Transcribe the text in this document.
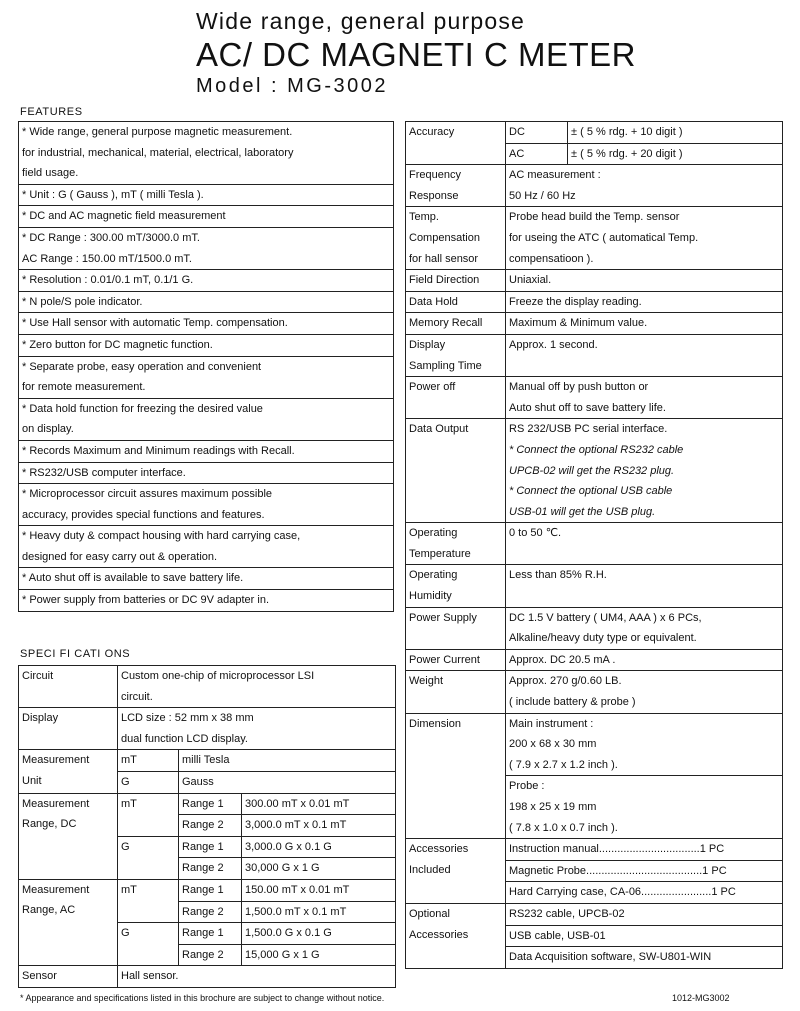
Wide range, general purpose
AC/ DC MAGNETI C METER
Model : MG-3002
FEATURES
* Wide range, general purpose magnetic measurement.
for industrial, mechanical, material, electrical, laboratory
field usage.
* Unit : G ( Gauss ), mT ( milli Tesla ).
* DC and AC magnetic field measurement
* DC Range : 300.00 mT/3000.0 mT.
AC Range : 150.00 mT/1500.0 mT.
* Resolution : 0.01/0.1 mT, 0.1/1 G.
* N pole/S pole indicator.
* Use Hall sensor with automatic Temp. compensation.
* Zero button for DC magnetic function.
* Separate probe, easy operation and convenient
for remote measurement.
* Data hold function for freezing the desired value
on display.
* Records Maximum and Minimum readings with Recall.
* RS232/USB computer interface.
* Microprocessor circuit assures maximum possible
accuracy, provides special functions and features.
* Heavy duty & compact housing with hard carrying case,
designed for easy carry out & operation.
* Auto shut off is available to save battery life.
* Power supply from batteries or DC 9V adapter in.
SPECI FI CATI ONS
Circuit	Custom one-chip of microprocessor LSI		
	circuit.		
Display	LCD size : 52 mm x 38 mm		
	dual function LCD display.		
Measurement	mT	milli Tesla	
Unit	G	Gauss	
Measurement
Range, DC	mT	Range 1	300.00 mT x 0.01 mT
		Range 2	3,000.0 mT x 0.1 mT
	G	Range 1	3,000.0 G x 0.1 G
		Range 2	30,000 G x 1 G
Measurement
Range, AC	mT	Range 1	150.00 mT x 0.01 mT
		Range 2	1,500.0 mT x 0.1 mT
	G	Range 1	1,500.0 G x 0.1 G
		Range 2	15,000 G x 1 G
Sensor	Hall sensor.		
Accuracy	DC	± ( 5 % rdg. + 10 digit )
	AC	± ( 5 % rdg. + 20 digit )
Frequency	AC measurement :	
Response	50 Hz / 60 Hz	
Temp.	Probe head build the Temp. sensor	
Compensation	for useing the ATC ( automatical Temp.	
for hall sensor	compensatioon ).	
Field Direction	Uniaxial.	
Data Hold	Freeze the display reading.	
Memory Recall	Maximum & Minimum value.	
Display	Approx. 1 second.	
Sampling Time		
Power off	Manual off by push button or	
	Auto shut off to save battery life.	
Data Output	RS 232/USB PC serial interface.	
	* Connect the optional RS232 cable	
	UPCB-02 will get the RS232 plug.	
	* Connect the optional USB cable	
	USB-01 will get the USB plug.	
Operating	0 to 50 ℃.	
Temperature		
Operating	Less than 85% R.H.	
Humidity		
Power Supply	DC 1.5 V battery ( UM4, AAA ) x 6 PCs,	
	Alkaline/heavy duty type or equivalent.	
Power Current	Approx. DC 20.5 mA .	
Weight	Approx. 270 g/0.60 LB.	
	( include battery & probe )	
Dimension	Main instrument :	
	200 x 68 x 30 mm	
	( 7.9 x 2.7 x 1.2 inch ).	
	Probe :	
	198 x 25 x 19 mm	
	( 7.8 x 1.0 x 0.7 inch ).	
Accessories	Instruction manual.................................1 PC	
Included	Magnetic Probe......................................1 PC	
	Hard Carrying case, CA-06.......................1 PC	
Optional	RS232 cable, UPCB-02	
Accessories	USB cable, USB-01	
	Data Acquisition software, SW-U801-WIN	
* Appearance and specifications listed in this brochure are subject to change without notice.	1012-MG3002
